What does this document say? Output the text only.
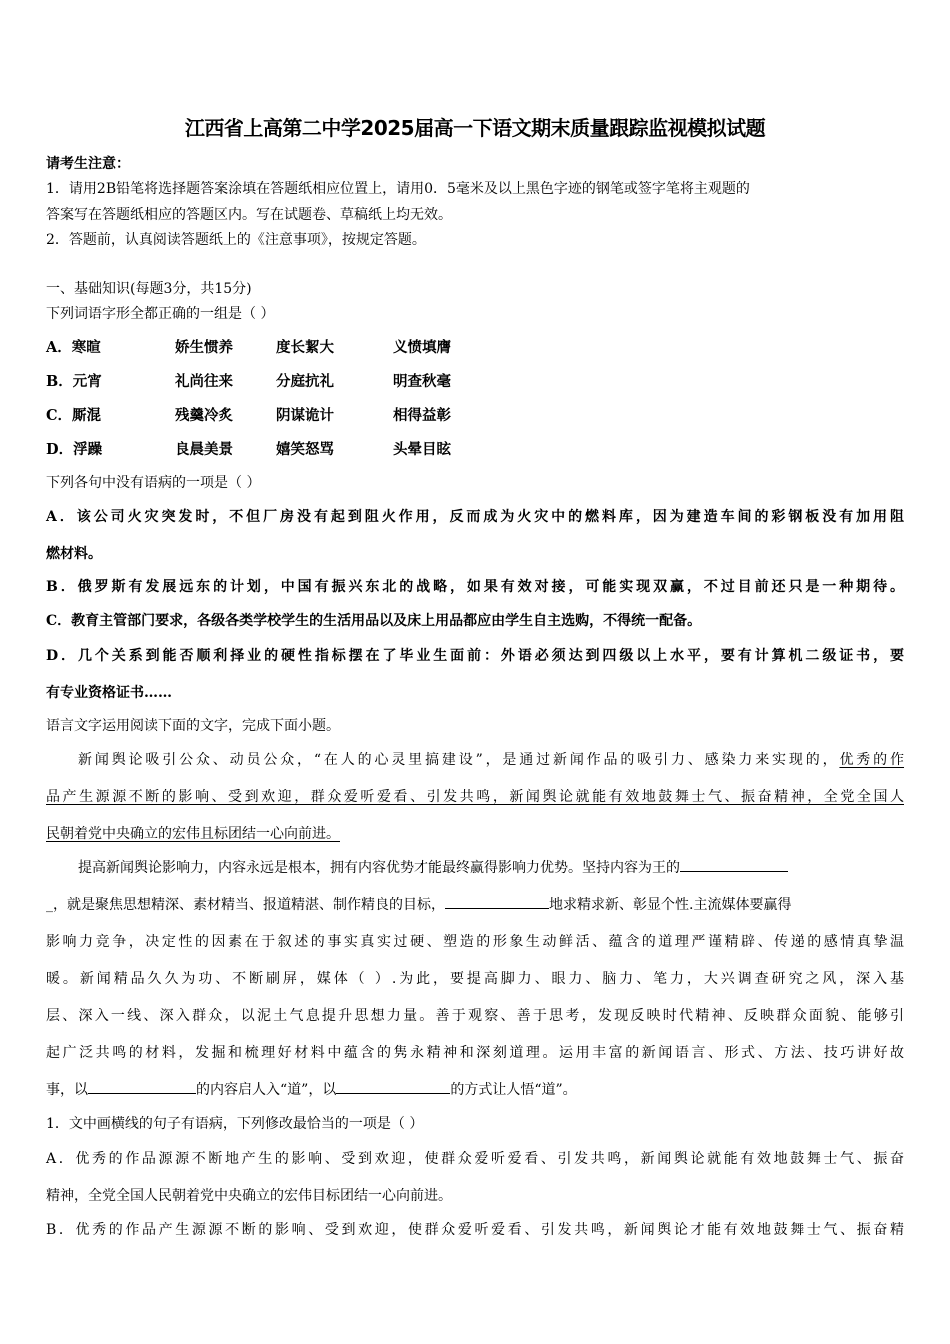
江西省上高第二中学2025届高一下语文期末质量跟踪监视模拟试题
请考生注意：
1．请用2B铅笔将选择题答案涂填在答题纸相应位置上，请用0．5毫米及以上黑色字迹的钢笔或签字笔将主观题的
答案写在答题纸相应的答题区内。写在试题卷、草稿纸上均无效。
2．答题前，认真阅读答题纸上的《注意事项》，按规定答题。
一、基础知识(每题3分，共15分)
下列词语字形全都正确的一组是（ ）
A．寒暄	娇生惯养	度长絜大	义愤填膺
B．元宵	礼尚往来	分庭抗礼	明查秋毫
C．厮混	残羹冷炙	阴谋诡计	相得益彰
D．浮躁	良晨美景	嬉笑怒骂	头晕目眩
下列各句中没有语病的一项是（ ）
A．该公司火灾突发时，不但厂房没有起到阻火作用，反而成为火灾中的燃料库，因为建造车间的彩钢板没有加用阻
燃材料。
B．俄罗斯有发展远东的计划，中国有振兴东北的战略，如果有效对接，可能实现双赢，不过目前还只是一种期待。
C．教育主管部门要求，各级各类学校学生的生活用品以及床上用品都应由学生自主选购，不得统一配备。
D．几个关系到能否顺利择业的硬性指标摆在了毕业生面前：外语必须达到四级以上水平，要有计算机二级证书，要
有专业资格证书……
语言文字运用阅读下面的文字，完成下面小题。
新闻舆论吸引公众、动员公众，“在人的心灵里搞建设”，是通过新闻作品的吸引力、感染力来实现的，优秀的作
品产生源源不断的影响、受到欢迎，群众爱听爱看、引发共鸣，新闻舆论就能有效地鼓舞士气、振奋精神，全党全国人
民朝着党中央确立的宏伟且标团结一心向前进。
提高新闻舆论影响力，内容永远是根本，拥有内容优势才能最终赢得影响力优势。坚持内容为王的
_，就是聚焦思想精深、素材精当、报道精湛、制作精良的目标，	地求精求新、彰显个性.主流媒体要赢得
影响力竞争，决定性的因素在于叙述的事实真实过硬、塑造的形象生动鲜活、蕴含的道理严谨精辟、传递的感情真挚温
暖。新闻精品久久为功、不断刷屏，媒体（ ）.为此，要提高脚力、眼力、脑力、笔力，大兴调查研究之风，深入基
层、深入一线、深入群众，以泥土气息提升思想力量。善于观察、善于思考，发现反映时代精神、反映群众面貌、能够引
起广泛共鸣的材料，发掘和梳理好材料中蕴含的隽永精神和深刻道理。运用丰富的新闻语言、形式、方法、技巧讲好故
事，以	的内容启人入“道”，以	的方式让人悟“道”。
1．文中画横线的句子有语病，下列修改最恰当的一项是（ ）
A．优秀的作品源源不断地产生的影响、受到欢迎，使群众爱听爱看、引发共鸣，新闻舆论就能有效地鼓舞士气、振奋
精神，全党全国人民朝着党中央确立的宏伟目标团结一心向前进。
B．优秀的作品产生源源不断的影响、受到欢迎，使群众爱听爱看、引发共鸣，新闻舆论才能有效地鼓舞士气、振奋精
